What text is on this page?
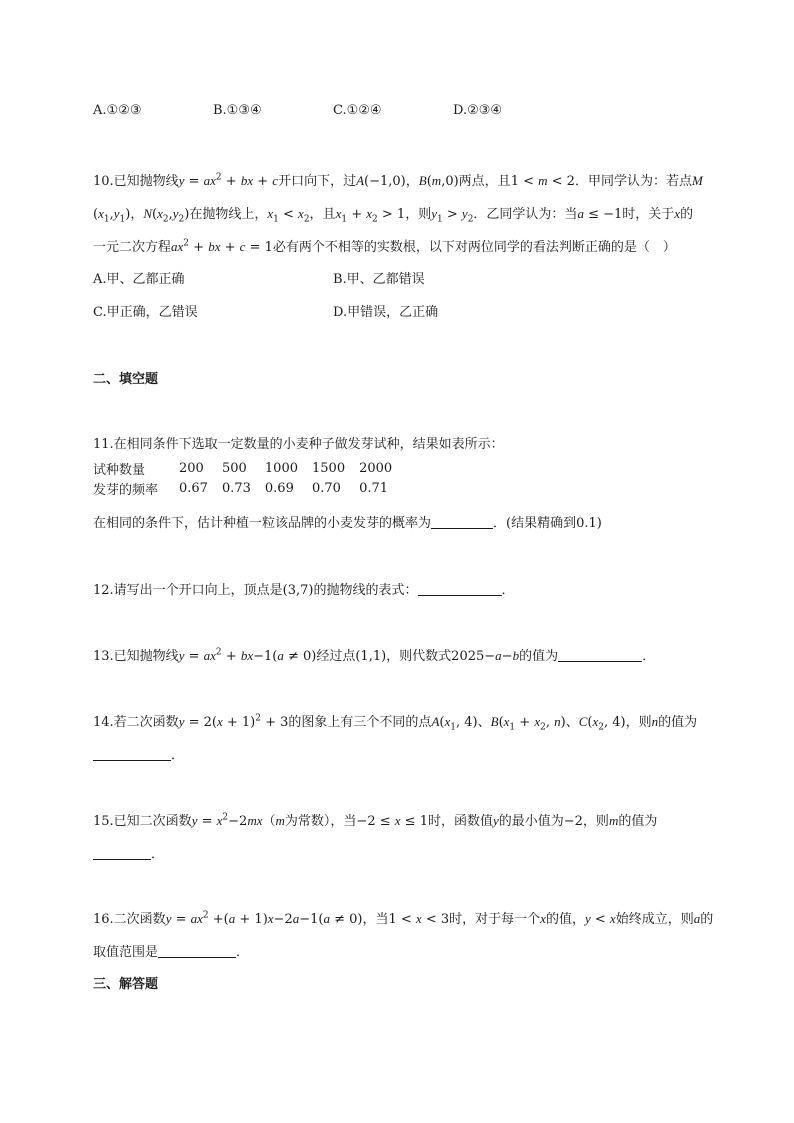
A.①②③	B.①③④	C.①②④	D.②③④
10.已知抛物线$y = ax^2$ + bx + c开口向下，过A(−1,0)，B(m,0)两点，且1 < m < 2．甲同学认为：若点M
$(x_1,y_1)$，$N(x_2,y_2)$在抛物线上，$x_1 < x_2$，且$x_1 + x_2 > 1$，则$y_1 > y_2$．乙同学认为：当a ≤ −1时，关于x的
一元二次方程$ax^2$ + bx + c = 1必有两个不相等的实数根，以下对两位同学的看法判断正确的是（　）
A.甲、乙都正确	B.甲、乙都错误
C.甲正确，乙错误	D.甲错误，乙正确
二、填空题
11.在相同条件下选取一定数量的小麦种子做发芽试种，结果如表所示：
试种数量	200	500	1000	1500	2000
发芽的频率	0.67	0.73	0.69	0.70	0.71
在相同的条件下，估计种植一粒该品牌的小麦发芽的概率为	．(结果精确到0.1)
12.请写出一个开口向上，顶点是(3,7)的抛物线的表式：	．
13.已知抛物线$y = ax^2 + bx-1(a \ne 0)$经过点(1,1)，则代数式2025−a−b的值为	．
14.若二次函数$y = 2(x + 1)^2 + 3$的图象上有三个不同的点$A(x_1$, 4)、$B(x_1 + x_2$, n)、$C(x_2$, 4)，则n的值为
．
15.已知二次函数$y = x^2-2mx(m$为常数），当−2 ≤ x ≤ 1时，函数值y的最小值为−2，则m的值为
．
16.二次函数$y = ax^2 +(a + 1)x-2a-1(a \ne 0)$，当1 < x < 3时，对于每一个x的值，y < x始终成立，则a的
取值范围是	．
三、解答题
